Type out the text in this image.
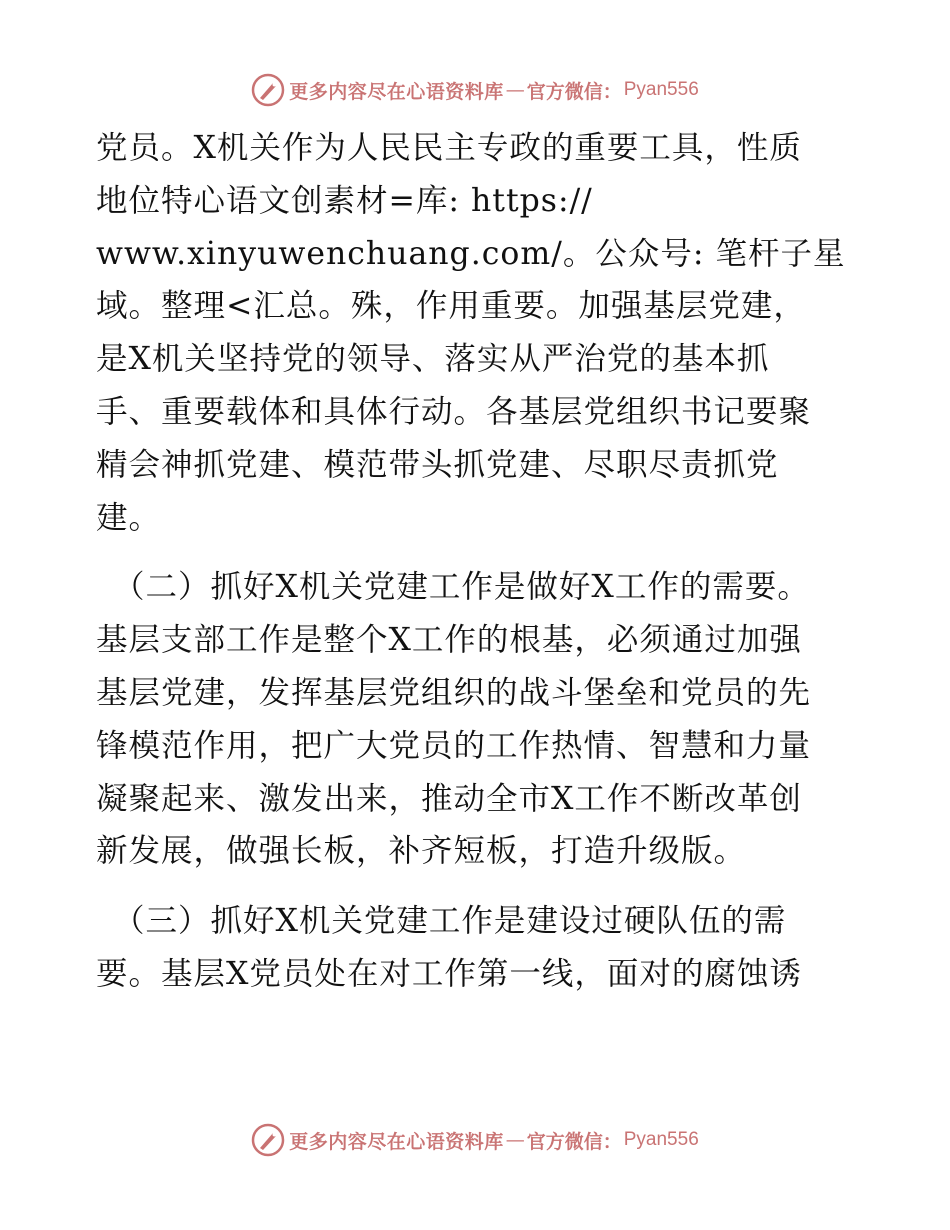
更多内容尽在心语资料库 — 官方微信： Pyan556

党员。X机关作为人民民主专政的重要工具，性质
地位特心语文创素材=库: https://
www.xinyuwenchuang.com/。公众号: 笔杆子星
域。整理<汇总。殊，作用重要。加强基层党建，
是X机关坚持党的领导、落实从严治党的基本抓
手、重要载体和具体行动。各基层党组织书记要聚
精会神抓党建、模范带头抓党建、尽职尽责抓党
建。

（二）抓好X机关党建工作是做好X工作的需要。
基层支部工作是整个X工作的根基，必须通过加强
基层党建，发挥基层党组织的战斗堡垒和党员的先
锋模范作用，把广大党员的工作热情、智慧和力量
凝聚起来、激发出来，推动全市X工作不断改革创
新发展，做强长板，补齐短板，打造升级版。

（三）抓好X机关党建工作是建设过硬队伍的需
要。基层X党员处在对工作第一线，面对的腐蚀诱

更多内容尽在心语资料库 — 官方微信： Pyan556
